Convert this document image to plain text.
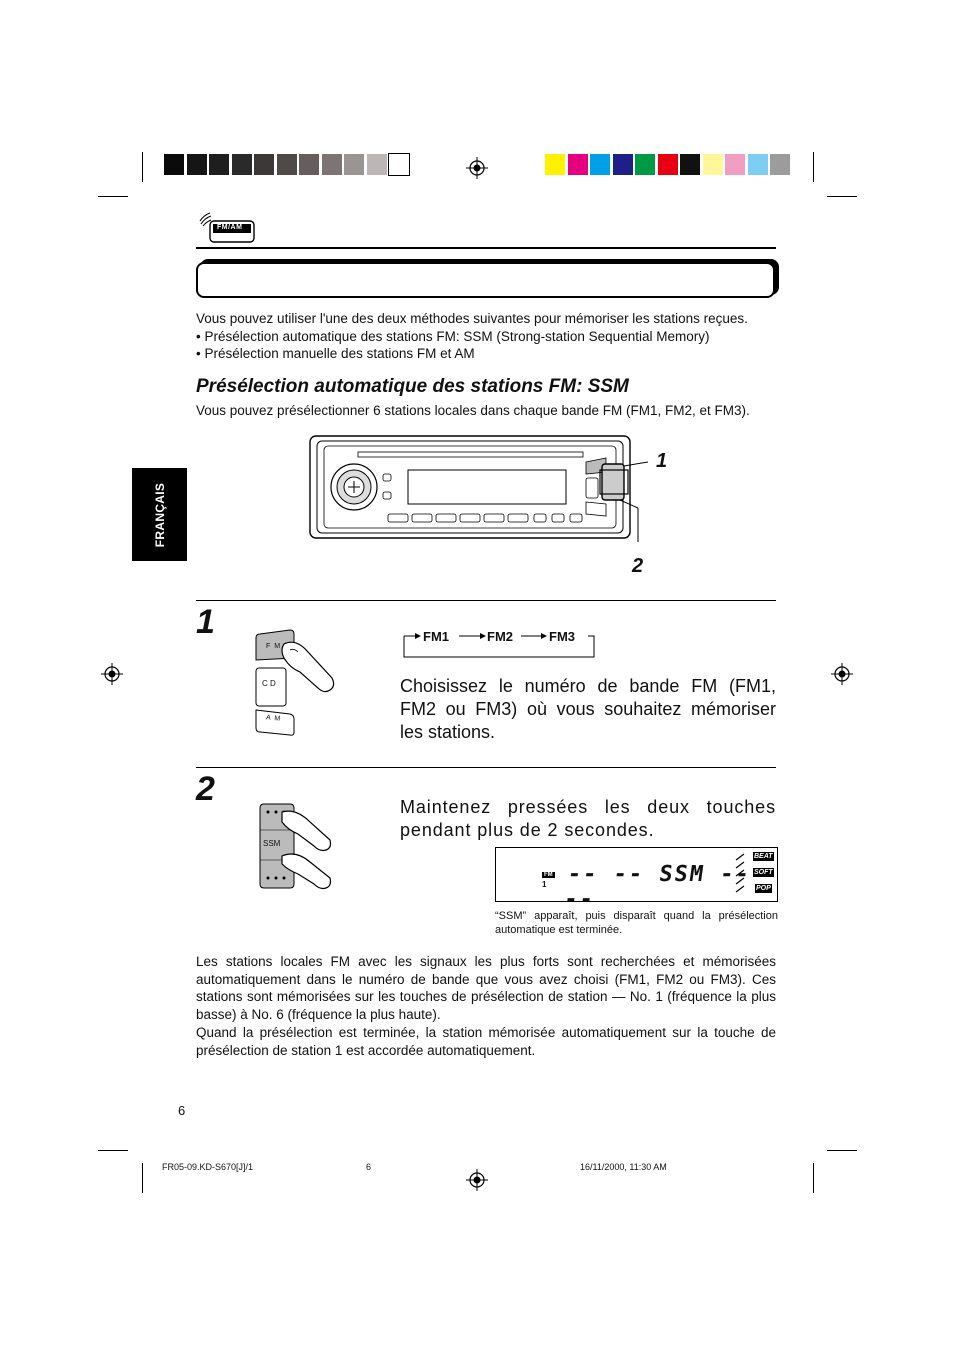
FM/AM
Vous pouvez utiliser l'une des deux méthodes suivantes pour mémoriser les stations reçues.
• Présélection automatique des stations FM: SSM (Strong-station Sequential Memory)
• Présélection manuelle des stations FM et AM
Présélection automatique des stations FM: SSM
Vous pouvez présélectionner 6 stations locales dans chaque bande FM (FM1, FM2, et FM3).
FRANÇAIS
1
2
1
F M
C D
A M
FM1	FM2	FM3
Choisissez le numéro de bande FM (FM1, FM2 ou FM3) où vous souhaitez mémoriser les stations.
2
SSM
Maintenez pressées les deux touches pendant plus de 2 secondes.
FM
1 -- -- SSM -- --
BEAT
SOFT
POP
“SSM” apparaît, puis disparaît quand la présélection automatique est terminée.
Les stations locales FM avec les signaux les plus forts sont recherchées et mémorisées automatiquement dans le numéro de bande que vous avez choisi (FM1, FM2 ou FM3). Ces stations sont mémorisées sur les touches de présélection de station — No. 1 (fréquence la plus basse) à No. 6 (fréquence la plus haute).
Quand la présélection est terminée, la station mémorisée automatiquement sur la touche de présélection de station 1 est accordée automatiquement.
6
FR05-09.KD-S670[J]/1	6	16/11/2000, 11:30 AM
